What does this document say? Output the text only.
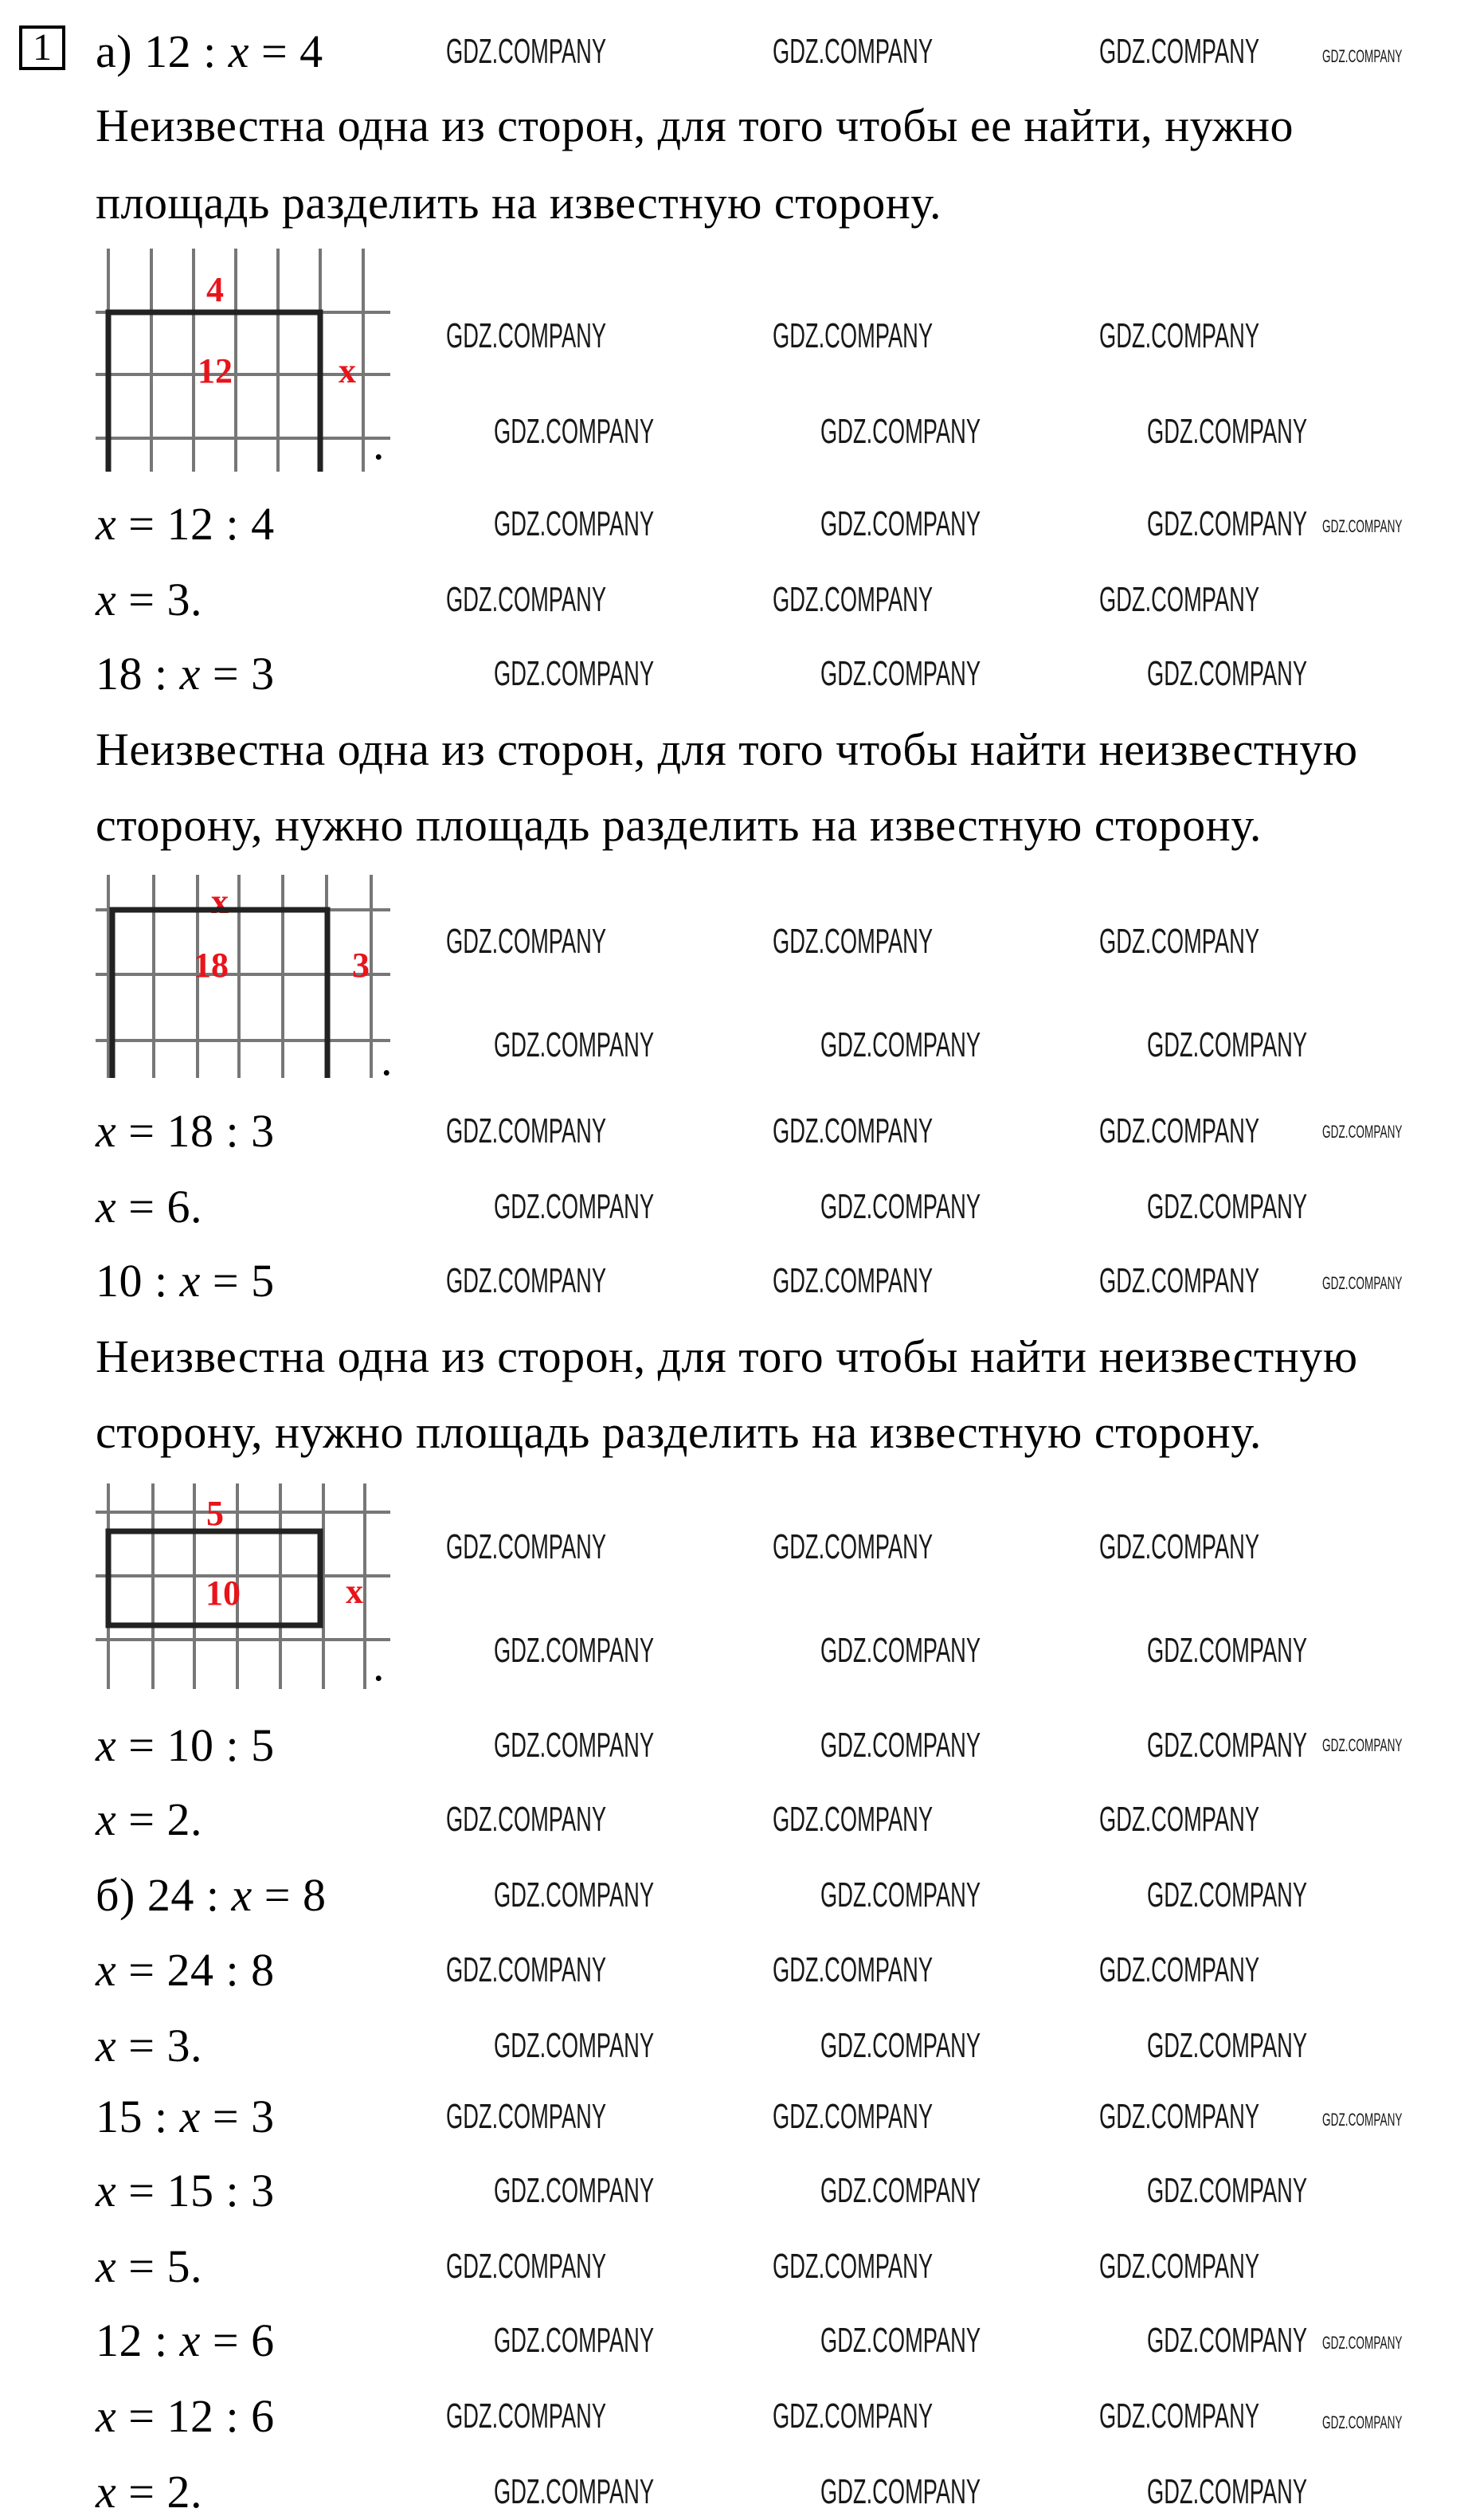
1 а) 12 : x = 4
Неизвестна одна из сторон, для того чтобы ее найти, нужно
площадь разделить на известную сторону.
4
12	x
.
x = 12 : 4
x = 3.
18 : x = 3
Неизвестна одна из сторон, для того чтобы найти неизвестную
сторону, нужно площадь разделить на известную сторону.
x
18	3
.
x = 18 : 3
x = 6.
10 : x = 5
Неизвестна одна из сторон, для того чтобы найти неизвестную
сторону, нужно площадь разделить на известную сторону.
5
10	x
.
x = 10 : 5
x = 2.
б) 24 : x = 8
x = 24 : 8
x = 3.
15 : x = 3
x = 15 : 3
x = 5.
12 : x = 6
x = 12 : 6
x = 2.
GDZ.COMPANY	GDZ.COMPANY	GDZ.COMPANY
GDZ.COMPANY	GDZ.COMPANY	GDZ.COMPANY
GDZ.COMPANY	GDZ.COMPANY	GDZ.COMPANY
GDZ.COMPANY	GDZ.COMPANY	GDZ.COMPANY
GDZ.COMPANY	GDZ.COMPANY	GDZ.COMPANY
GDZ.COMPANY	GDZ.COMPANY	GDZ.COMPANY
GDZ.COMPANY	GDZ.COMPANY	GDZ.COMPANY
GDZ.COMPANY	GDZ.COMPANY	GDZ.COMPANY
GDZ.COMPANY	GDZ.COMPANY	GDZ.COMPANY
GDZ.COMPANY	GDZ.COMPANY	GDZ.COMPANY
GDZ.COMPANY	GDZ.COMPANY	GDZ.COMPANY
GDZ.COMPANY	GDZ.COMPANY	GDZ.COMPANY
GDZ.COMPANY	GDZ.COMPANY	GDZ.COMPANY
GDZ.COMPANY	GDZ.COMPANY	GDZ.COMPANY
GDZ.COMPANY	GDZ.COMPANY	GDZ.COMPANY
GDZ.COMPANY	GDZ.COMPANY	GDZ.COMPANY
GDZ.COMPANY	GDZ.COMPANY	GDZ.COMPANY
GDZ.COMPANY	GDZ.COMPANY	GDZ.COMPANY
GDZ.COMPANY	GDZ.COMPANY	GDZ.COMPANY
GDZ.COMPANY	GDZ.COMPANY	GDZ.COMPANY
GDZ.COMPANY	GDZ.COMPANY	GDZ.COMPANY
GDZ.COMPANY	GDZ.COMPANY	GDZ.COMPANY
GDZ.COMPANY	GDZ.COMPANY	GDZ.COMPANY
GDZ.COMPANY	GDZ.COMPANY	GDZ.COMPANY
GDZ.COMPANY
GDZ.COMPANY
GDZ.COMPANY
GDZ.COMPANY
GDZ.COMPANY
GDZ.COMPANY
GDZ.COMPANY
GDZ.COMPANY
